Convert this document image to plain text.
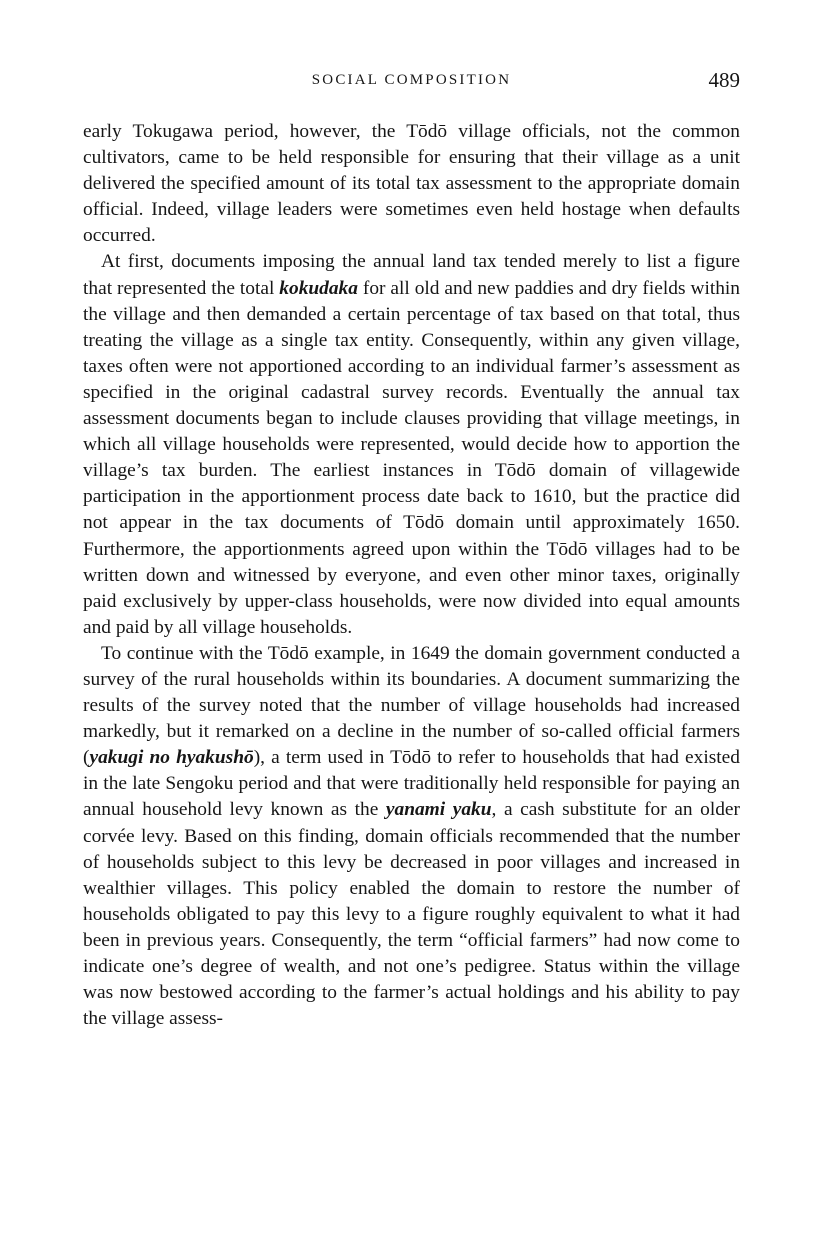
SOCIAL COMPOSITION	489

early Tokugawa period, however, the Tōdō village officials, not the common cultivators, came to be held responsible for ensuring that their village as a unit delivered the specified amount of its total tax assessment to the appropriate domain official. Indeed, village leaders were sometimes even held hostage when defaults occurred.

At first, documents imposing the annual land tax tended merely to list a figure that represented the total kokudaka for all old and new paddies and dry fields within the village and then demanded a certain percentage of tax based on that total, thus treating the village as a single tax entity. Consequently, within any given village, taxes often were not apportioned according to an individual farmer’s assessment as specified in the original cadastral survey records. Eventually the annual tax assessment documents began to include clauses providing that village meetings, in which all village households were represented, would decide how to apportion the village’s tax burden. The earliest instances in Tōdō domain of villagewide participation in the apportionment process date back to 1610, but the practice did not appear in the tax documents of Tōdō domain until approximately 1650. Furthermore, the apportionments agreed upon within the Tōdō villages had to be written down and witnessed by everyone, and even other minor taxes, originally paid exclusively by upper-class households, were now divided into equal amounts and paid by all village households.

To continue with the Tōdō example, in 1649 the domain government conducted a survey of the rural households within its boundaries. A document summarizing the results of the survey noted that the number of village households had increased markedly, but it remarked on a decline in the number of so-called official farmers (yakugi no hyakushō), a term used in Tōdō to refer to households that had existed in the late Sengoku period and that were traditionally held responsible for paying an annual household levy known as the yanami yaku, a cash substitute for an older corvée levy. Based on this finding, domain officials recommended that the number of households subject to this levy be decreased in poor villages and increased in wealthier villages. This policy enabled the domain to restore the number of households obligated to pay this levy to a figure roughly equivalent to what it had been in previous years. Consequently, the term “official farmers” had now come to indicate one’s degree of wealth, and not one’s pedigree. Status within the village was now bestowed according to the farmer’s actual holdings and his ability to pay the village assess-
